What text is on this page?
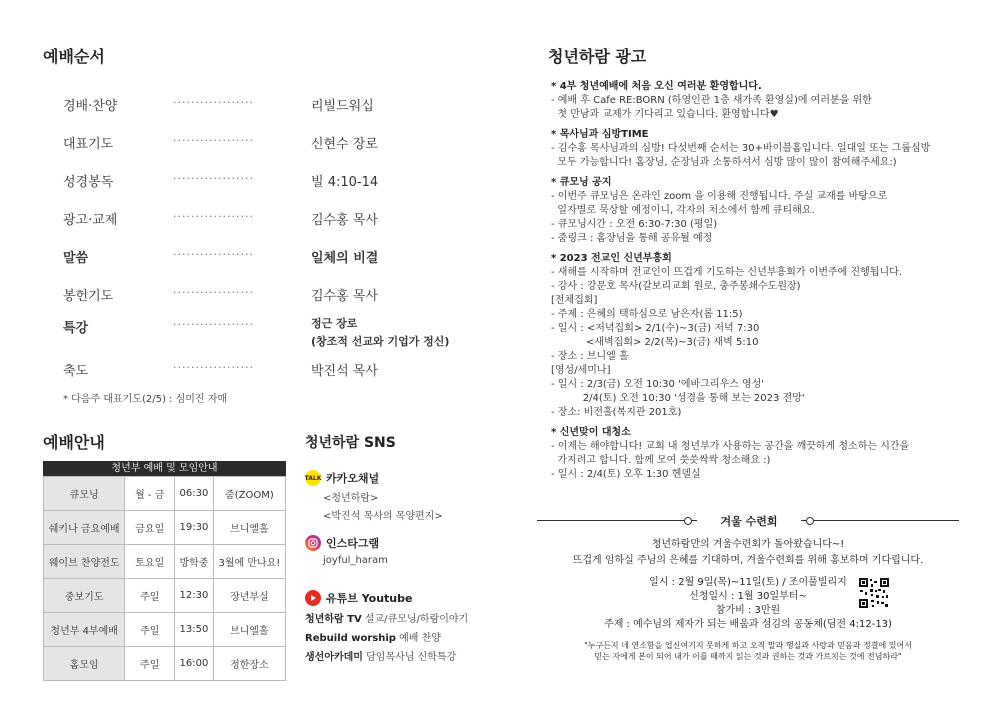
예배순서
경배·찬양	··················	리빌드워십
대표기도	··················	신현수 장로
성경봉독	··················	빌 4:10-14
광고·교제	··················	김수홍 목사
말씀	··················	일체의 비결
봉헌기도	··················	김수홍 목사
특강	··················	정근 장로
(창조적 선교와 기업가 정신)
축도	··················	박진석 목사
* 다음주 대표기도(2/5) : 심미진 자매
예배안내
청년부 예배 및 모임안내
큐모닝	월 - 금	06:30	줌(ZOOM)
쉐키나 금요예배	금요일	19:30	브니엘홀
웨이브 찬양전도	토요일	방학중	3월에 만나요!
중보기도	주일	12:30	장년부실
청년부 4부예배	주일	13:50	브니엘홀
홈모임	주일	16:00	정한장소
청년하람 SNS
TALK 카카오채널
<청년하람>
<박진석 목사의 목양편지>
인스타그램
joyful_haram
유튜브 Youtube
청년하람 TV 설교/큐모닝/하람이야기
Rebuild worship 예배 찬양
생선아카데미 담임목사님 신학특강
청년하람 광고
* 4부 청년예배에 처음 오신 여러분 환영합니다.
- 예배 후 Cafe RE:BORN (하영인관 1층 새가족 환영실)에 여러분을 위한
첫 만남과 교제가 기다리고 있습니다. 환영합니다♥
* 목사님과 심방TIME
- 김수홍 목사님과의 심방! 다섯번째 순서는 30+바이블홈입니다. 일대일 또는 그룹심방
모두 가능합니다! 홈장님, 순장님과 소통하셔서 심방 많이 많이 참여해주세요:)
* 큐모닝 공지
- 이번주 큐모닝은 온라인 zoom 을 이용해 진행됩니다. 주실 교재를 바탕으로
일자별로 묵상할 예정이니, 각자의 처소에서 함께 큐티해요.
- 큐모닝시간 : 오전 6:30-7:30 (평일)
- 줌링크 : 홈장님을 통해 공유될 예정
* 2023 전교인 신년부흥회
- 새해를 시작하며 전교인이 뜨겁게 기도하는 신년부흥회가 이번주에 진행됩니다.
- 강사 : 강문호 목사(갈보리교회 원로, 충주봉쇄수도원장)
[전체집회]
- 주제 : 은혜의 택하심으로 남은자(롬 11:5)
- 일시 : <저녁집회> 2/1(수)~3(금) 저녁 7:30
<새벽집회> 2/2(목)~3(금) 새벽 5:10
- 장소 : 브니엘 홀
[영성/세미나]
- 일시 : 2/3(금) 오전 10:30 '에바그리우스 영성'
2/4(토) 오전 10:30 '성경을 통해 보는 2023 전망'
- 장소: 비전홀(복지관 201호)
* 신년맞이 대청소
- 이제는 해야합니다! 교회 내 청년부가 사용하는 공간을 깨끗하게 청소하는 시간을
가지려고 합니다. 함께 모여 씃씃싹싹 청소해요 :)
- 일시 : 2/4(토) 오후 1:30 헨델실
겨울 수련회
청년하람만의 겨울수련회가 돌아왔습니다~!
뜨겁게 임하실 주님의 은혜를 기대하며, 겨울수련회를 위해 홍보하며 기다립니다.
일시 : 2월 9일(목)~11일(토) / 조이풀빌리지
신청일시 : 1월 30일부터~
참가비 : 3만원
주제 : 예수님의 제자가 되는 배움과 섬김의 공동체(딤전 4:12-13)
"누구든지 네 연소함을 업신여기지 못하게 하고 오직 말과 행실과 사랑과 믿음과 정결에 있어서
믿는 자에게 본이 되어 내가 이를 때까지 읽는 것과 권하는 것과 가르치는 것에 전념하라"
